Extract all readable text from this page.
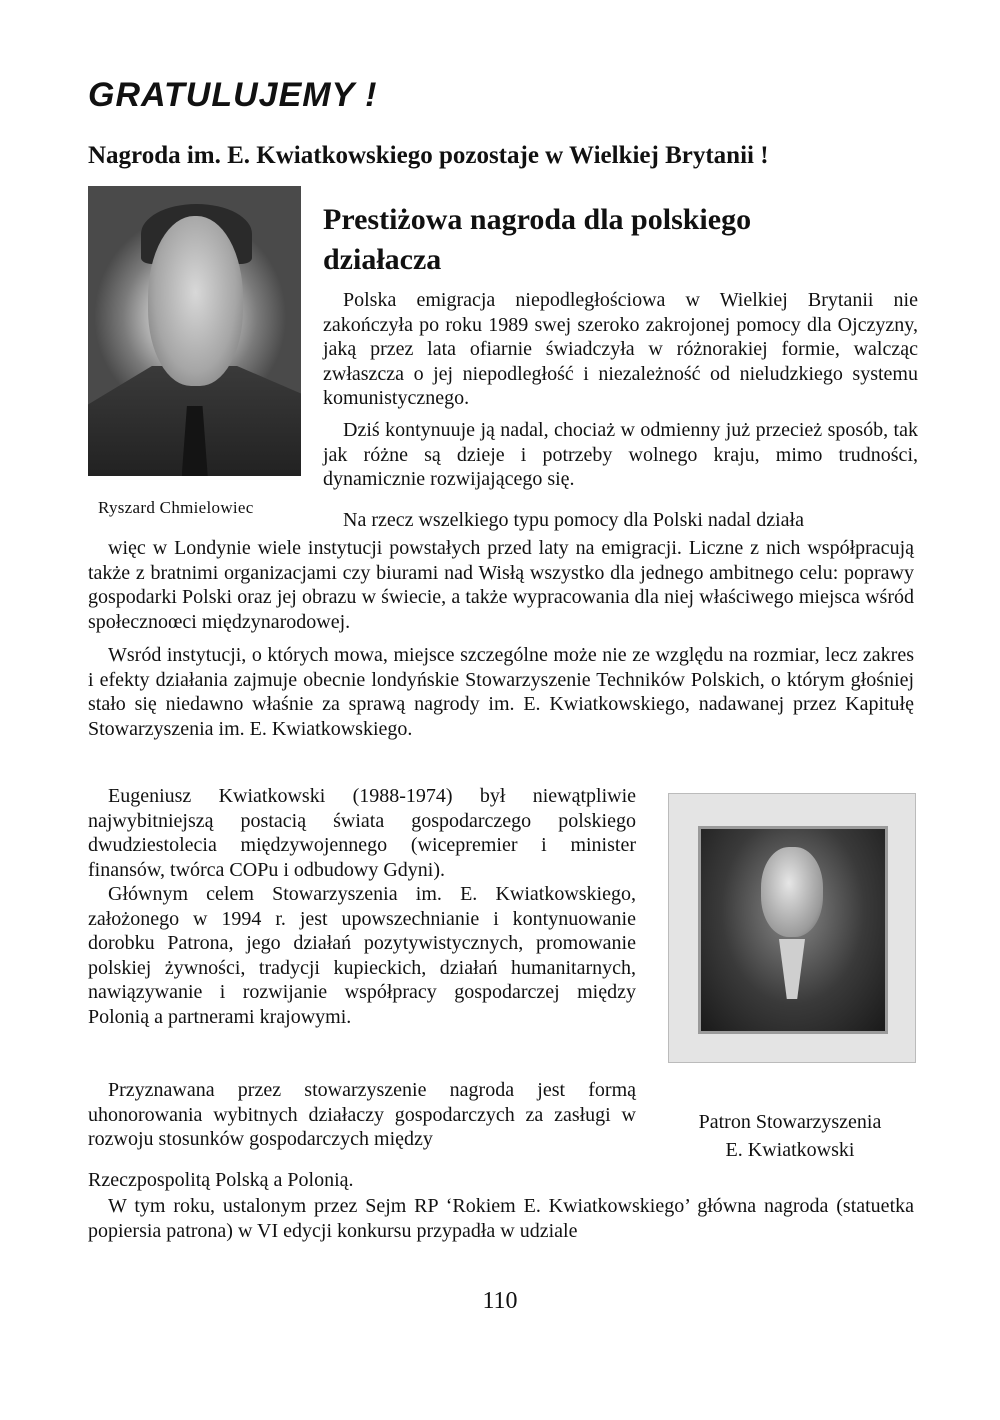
GRATULUJEMY !
Nagroda im. E. Kwiatkowskiego pozostaje w Wielkiej Brytanii !
Ryszard Chmielowiec
Prestiżowa nagroda dla polskiego działacza
Polska emigracja niepodległościowa w Wielkiej Brytanii nie zakończyła po roku 1989 swej szeroko zakrojonej pomocy dla Ojczyzny, jaką przez lata ofiarnie świadczyła w różnorakiej formie, walcząc zwłaszcza o jej niepodległość i niezależność od nieludzkiego systemu komunistycznego.
Dziś kontynuuje ją nadal, chociaż w odmienny już przecież sposób, tak jak różne są dzieje i potrzeby wolnego kraju, mimo trudności, dynamicznie rozwijającego się.
Na rzecz wszelkiego typu pomocy dla Polski nadal działa
więc w Londynie wiele instytucji powstałych przed laty na emigracji. Liczne z nich współpracują także z bratnimi organizacjami czy biurami nad Wisłą wszystko dla jednego ambitnego celu: poprawy gospodarki Polski oraz jej obrazu w świecie, a także wypracowania dla niej właściwego miejsca wśród społecznoœci międzynarodowej.
Wsród instytucji, o których mowa, miejsce szczególne może nie ze względu na rozmiar, lecz zakres i efekty działania zajmuje obecnie londyńskie Stowarzyszenie Techników Polskich, o którym głośniej stało się niedawno właśnie za sprawą nagrody im. E. Kwiatkowskiego, nadawanej przez Kapitułę Stowarzyszenia im. E. Kwiatkowskiego.
Eugeniusz Kwiatkowski (1988-1974) był niewątpliwie najwybitniejszą postacią świata gospodarczego polskiego dwudziestolecia międzywojennego (wicepremier i minister finansów, twórca COPu i odbudowy Gdyni).
Głównym celem Stowarzyszenia im. E. Kwiatkowskiego, założonego w 1994 r. jest upowszechnianie i kontynuowanie dorobku Patrona, jego działań pozytywistycznych, promowanie polskiej żywności, tradycji kupieckich, działań humanitarnych, nawiązywanie i rozwijanie współpracy gospodarczej między Polonią a partnerami krajowymi.
Przyznawana przez stowarzyszenie nagroda jest formą uhonorowania wybitnych działaczy gospodarczych za zasługi w rozwoju stosunków gospodarczych między
Rzeczpospolitą Polską a Polonią.
W tym roku, ustalonym przez Sejm RP ‘Rokiem E. Kwiatkowskiego’ główna nagroda (statuetka popiersia patrona) w VI edycji konkursu przypadła w udziale
Patron Stowarzyszenia
E. Kwiatkowski
110
